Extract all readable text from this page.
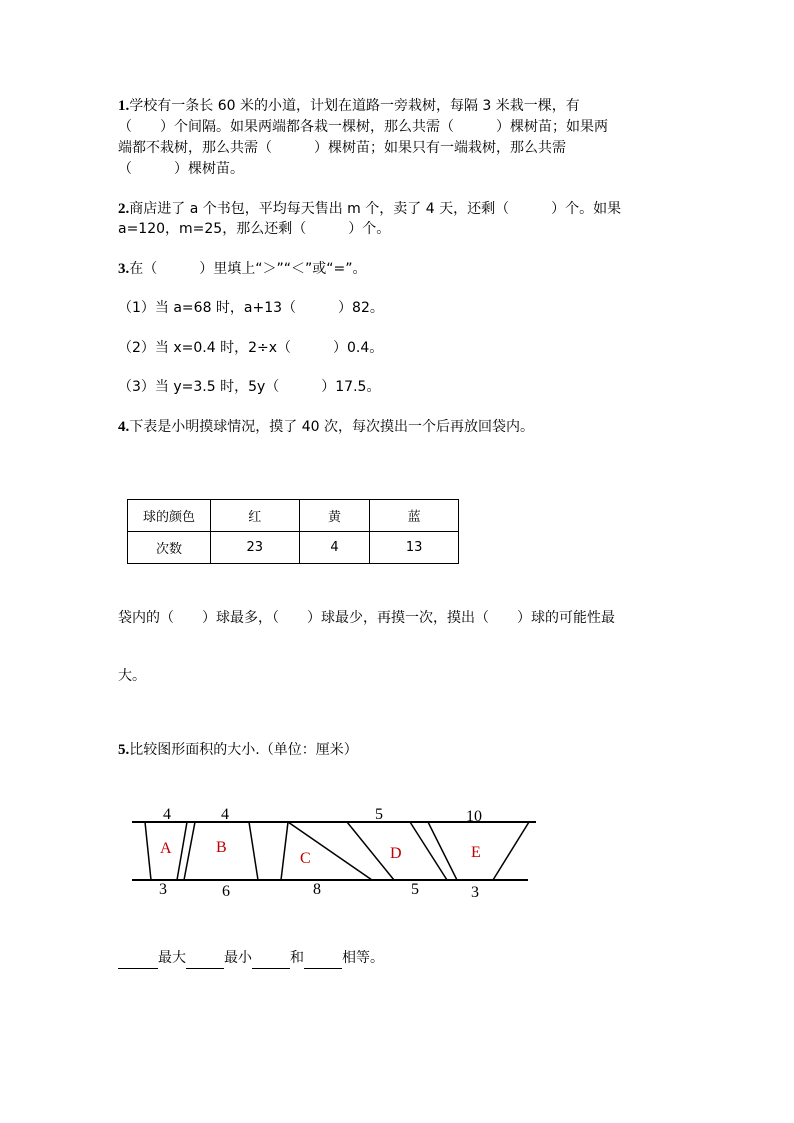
1.学校有一条长 60 米的小道，计划在道路一旁栽树，每隔 3 米栽一棵，有
（　　）个间隔。如果两端都各栽一棵树，那么共需（　　　）棵树苗；如果两
端都不栽树，那么共需（　　　）棵树苗；如果只有一端栽树，那么共需
（　　　）棵树苗。
2.商店进了 a 个书包，平均每天售出 m 个，卖了 4 天，还剩（　　　）个。如果
a=120，m=25，那么还剩（　　　）个。
3.在（　　　）里填上“＞”“＜”或“=”。
（1）当 a=68 时，a+13（　　　）82。
（2）当 x=0.4 时，2÷x（　　　）0.4。
（3）当 y=3.5 时，5y（　　　）17.5。
4.下表是小明摸球情况，摸了 40 次，每次摸出一个后再放回袋内。
球的颜色	红	黄	蓝
次数	23	4	13
袋内的（　　）球最多，（　　）球最少，再摸一次，摸出（　　）球的可能性最
大。
5.比较图形面积的大小.（单位：厘米）
4	4	5	10
3	6	8	5	3
A	B
C	D	E
最大	最小	和	相等。
